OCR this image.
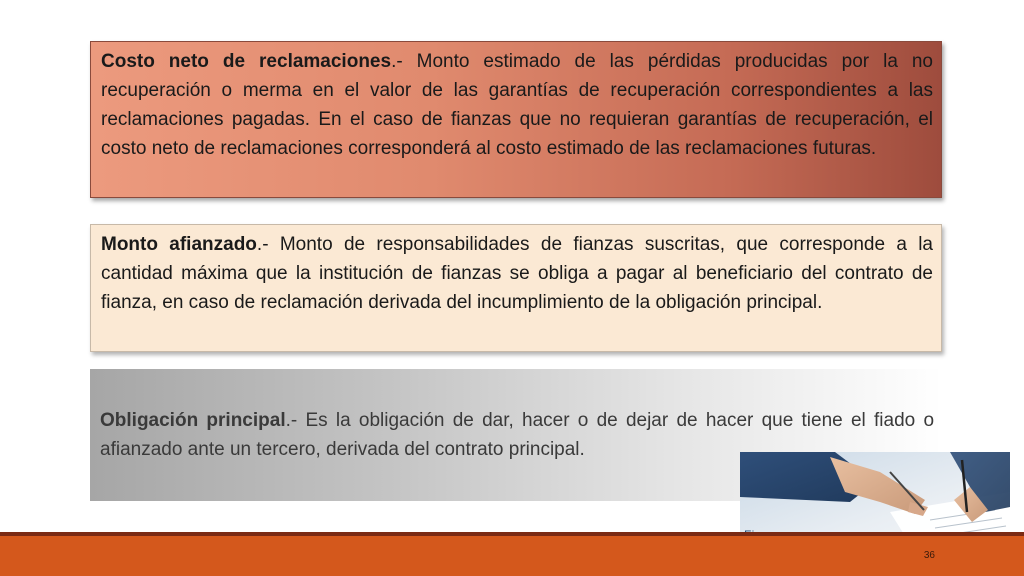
Costo neto de reclamaciones.- Monto estimado de las pérdidas producidas por la no recuperación o merma en el valor de las garantías de recuperación correspondientes a las reclamaciones pagadas. En el caso de fianzas que no requieran garantías de recuperación, el costo neto de reclamaciones corresponderá al costo estimado de las reclamaciones futuras.
Monto afianzado.- Monto de responsabilidades de fianzas suscritas, que corresponde a la cantidad máxima que la institución de fianzas se obliga a pagar al beneficiario del contrato de fianza, en caso de reclamación derivada del incumplimiento de la obligación principal.
Obligación principal.- Es la obligación de dar, hacer o de dejar de hacer que tiene el fiado o afianzado ante un tercero, derivada del contrato principal.
36
